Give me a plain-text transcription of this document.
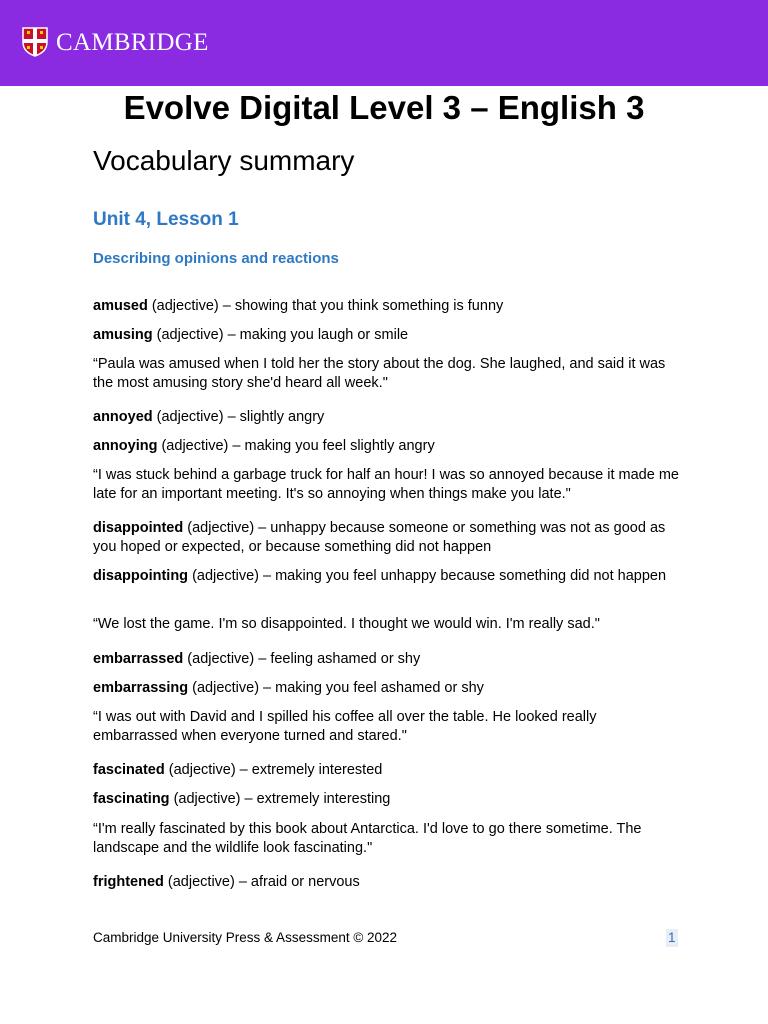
CAMBRIDGE
Evolve Digital Level 3 – English 3
Vocabulary summary
Unit 4, Lesson 1
Describing opinions and reactions

amused (adjective) – showing that you think something is funny

amusing (adjective) – making you laugh or smile

“Paula was amused when I told her the story about the dog. She laughed, and said it was the most amusing story she'd heard all week."

annoyed (adjective) – slightly angry

annoying (adjective) – making you feel slightly angry

“I was stuck behind a garbage truck for half an hour! I was so annoyed because it made me late for an important meeting. It's so annoying when things make you late."

disappointed (adjective) – unhappy because someone or something was not as good as you hoped or expected, or because something did not happen

disappointing (adjective) – making you feel unhappy because something did not happen

“We lost the game. I'm so disappointed. I thought we would win. I'm really sad."

embarrassed (adjective) – feeling ashamed or shy

embarrassing (adjective) – making you feel ashamed or shy

“I was out with David and I spilled his coffee all over the table. He looked really embarrassed when everyone turned and stared."

fascinated (adjective) – extremely interested

fascinating (adjective) – extremely interesting

“I'm really fascinated by this book about Antarctica. I'd love to go there sometime. The landscape and the wildlife look fascinating."

frightened (adjective) – afraid or nervous

Cambridge University Press & Assessment © 2022	1
